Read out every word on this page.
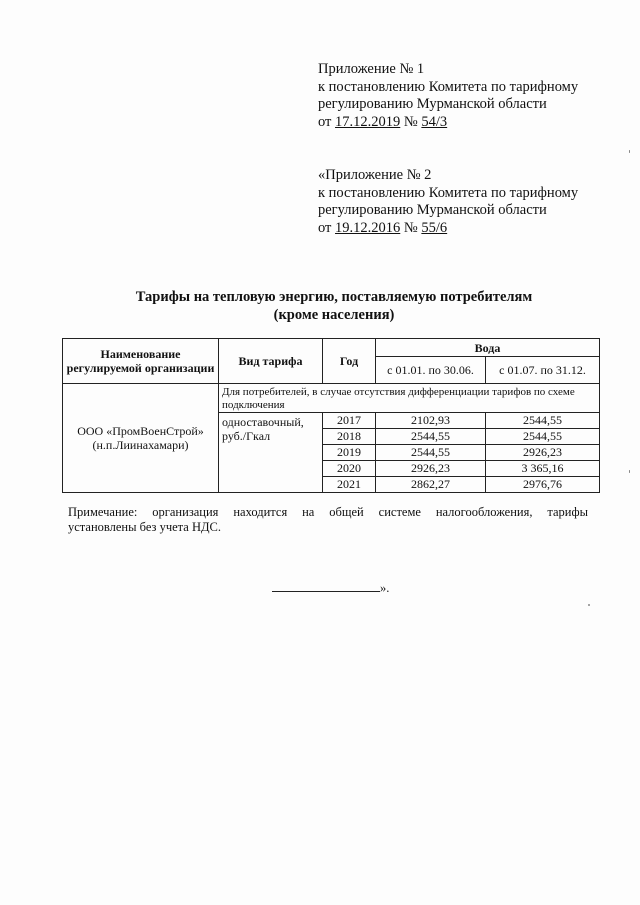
Приложение № 1
к постановлению Комитета по тарифному
регулированию Мурманской области
от 17.12.2019 № 54/3
«Приложение № 2
к постановлению Комитета по тарифному
регулированию Мурманской области
от 19.12.2016 № 55/6
Тарифы на тепловую энергию, поставляемую потребителям
(кроме населения)
Наименование регулируемой организации	Вид тарифа	Год	Вода	
			с 01.01. по 30.06.	с 01.07. по 31.12.
ООО «ПромВоенСтрой» (н.п.Лиинахамари)	Для потребителей, в случае отсутствия дифференциации тарифов по схеме подключения			
	одноставочный, руб./Гкал	2017	2102,93	2544,55
		2018	2544,55	2544,55
		2019	2544,55	2926,23
		2020	2926,23	3 365,16
		2021	2862,27	2976,76
Примечание: организация находится на общей системе налогообложения, тарифы
установлены без учета НДС.
».
